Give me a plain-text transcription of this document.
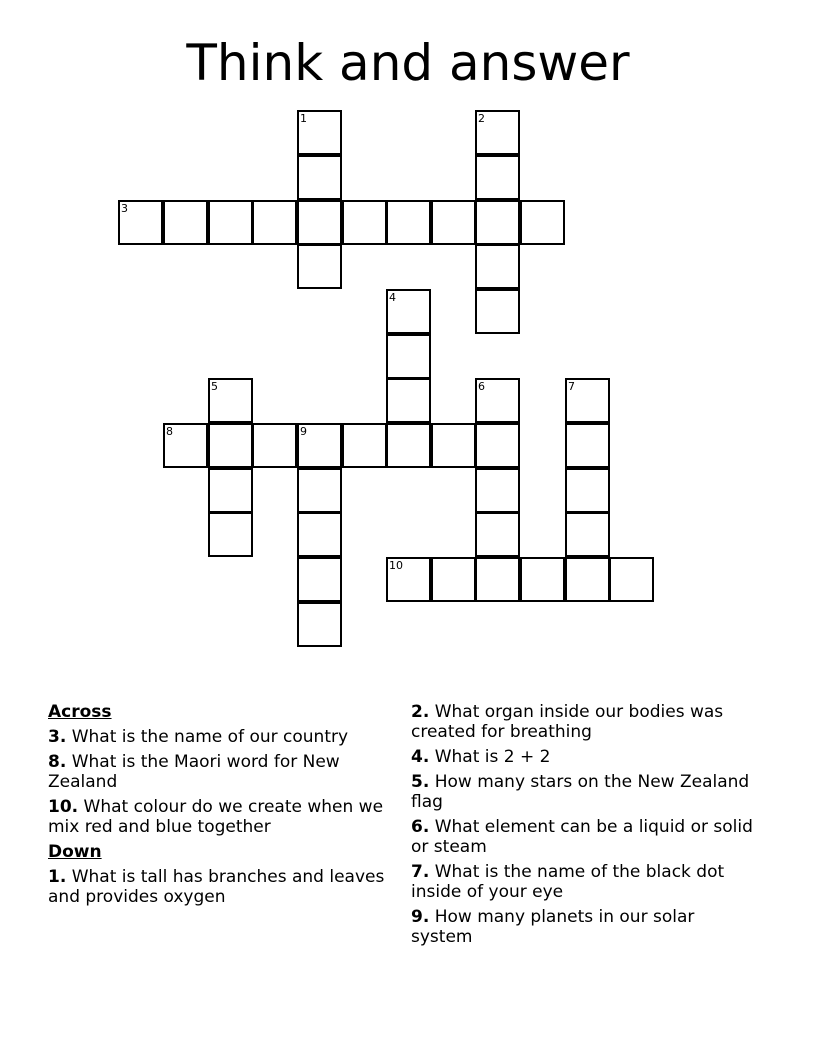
Think and answer
1	2
3
4
5	6	7
8	9
10
Across
3. What is the name of our country
8. What is the Maori word for New Zealand
10. What colour do we create when we mix red and blue together
Down
1. What is tall has branches and leaves and provides oxygen
2. What organ inside our bodies was created for breathing
4. What is 2 + 2
5. How many stars on the New Zealand flag
6. What element can be a liquid or solid or steam
7. What is the name of the black dot inside of your eye
9. How many planets in our solar system
